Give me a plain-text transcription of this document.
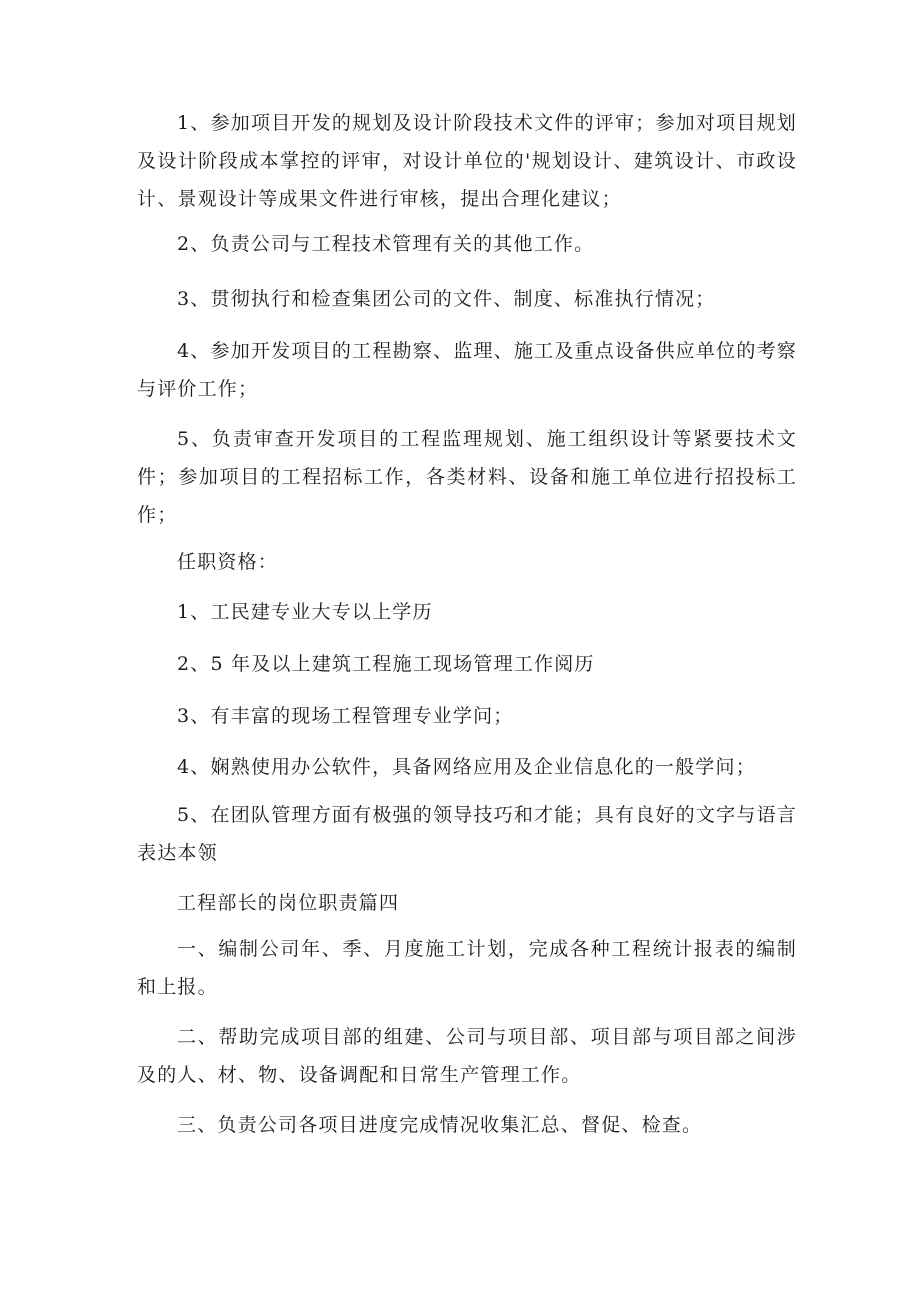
1、参加项目开发的规划及设计阶段技术文件的评审；参加对项目规划及设计阶段成本掌控的评审，对设计单位的'规划设计、建筑设计、市政设计、景观设计等成果文件进行审核，提出合理化建议；

2、负责公司与工程技术管理有关的其他工作。

3、贯彻执行和检查集团公司的文件、制度、标准执行情况；

4、参加开发项目的工程勘察、监理、施工及重点设备供应单位的考察与评价工作；

5、负责审查开发项目的工程监理规划、施工组织设计等紧要技术文件；参加项目的工程招标工作，各类材料、设备和施工单位进行招投标工作；

任职资格：

1、工民建专业大专以上学历

2、5 年及以上建筑工程施工现场管理工作阅历

3、有丰富的现场工程管理专业学问；

4、娴熟使用办公软件，具备网络应用及企业信息化的一般学问；

5、在团队管理方面有极强的领导技巧和才能；具有良好的文字与语言表达本领

工程部长的岗位职责篇四

一、编制公司年、季、月度施工计划，完成各种工程统计报表的编制和上报。

二、帮助完成项目部的组建、公司与项目部、项目部与项目部之间涉及的人、材、物、设备调配和日常生产管理工作。

三、负责公司各项目进度完成情况收集汇总、督促、检查。
